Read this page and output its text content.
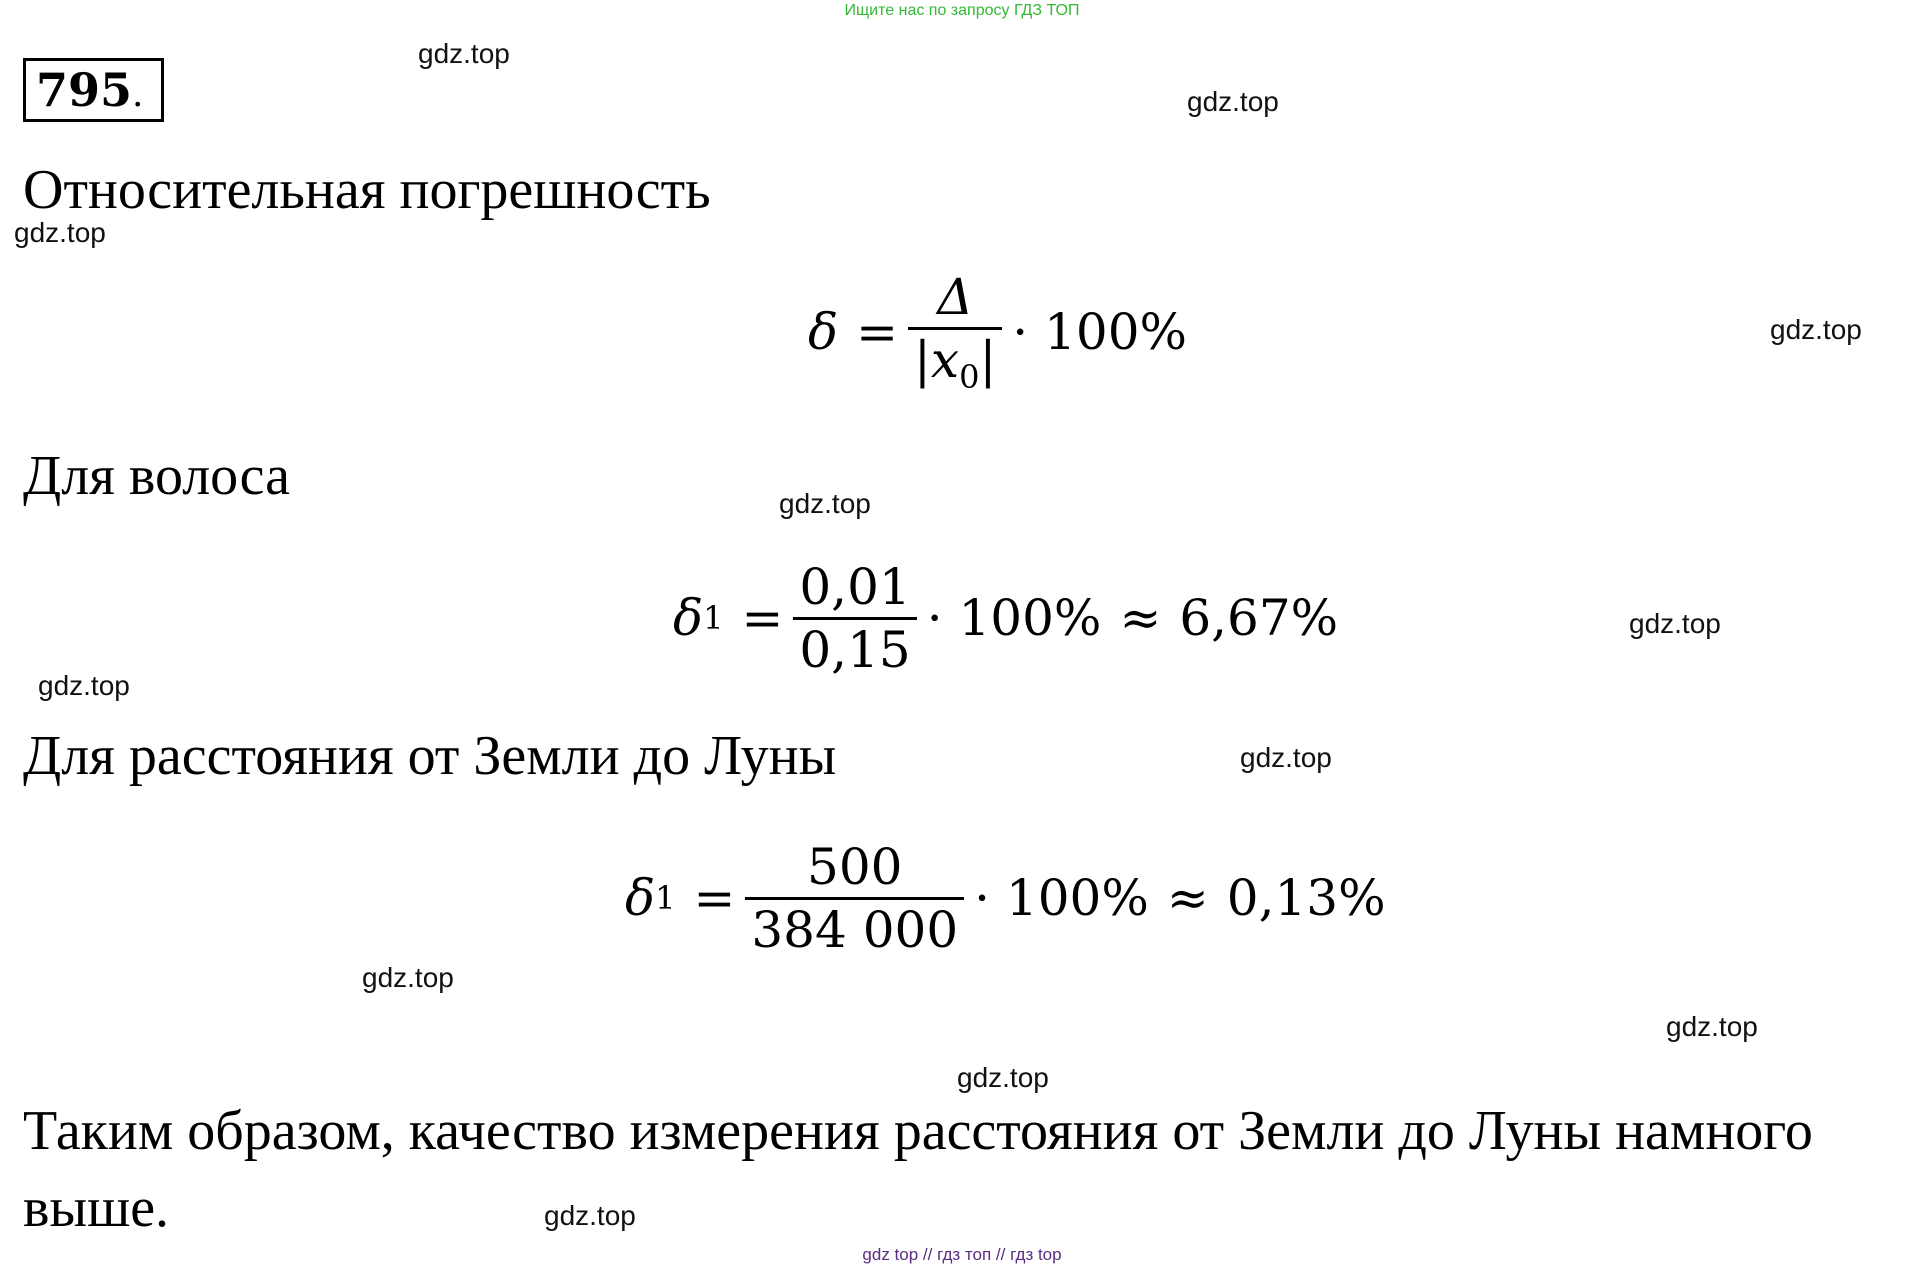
Ищите нас по запросу ГДЗ ТОП
795.
Относительная погрешность
$\delta = \frac{\Delta}{|x_0|} \cdot 100\%$
Для волоса
δ $1 = \frac{0,01}{0,15} \cdot 100\% \approx 6,67\%$
Для расстояния от Земли до Луны
δ $1 = \frac{500}{384 000} \cdot 100\% \approx 0,13\%$
Таким образом, качество измерения расстояния от Земли до Луны намного
выше.
gdz.top
gdz.top
gdz.top
gdz.top
gdz.top
gdz.top
gdz.top
gdz.top
gdz.top
gdz.top
gdz.top
gdz.top
gdz top // гдз топ // гдз top
